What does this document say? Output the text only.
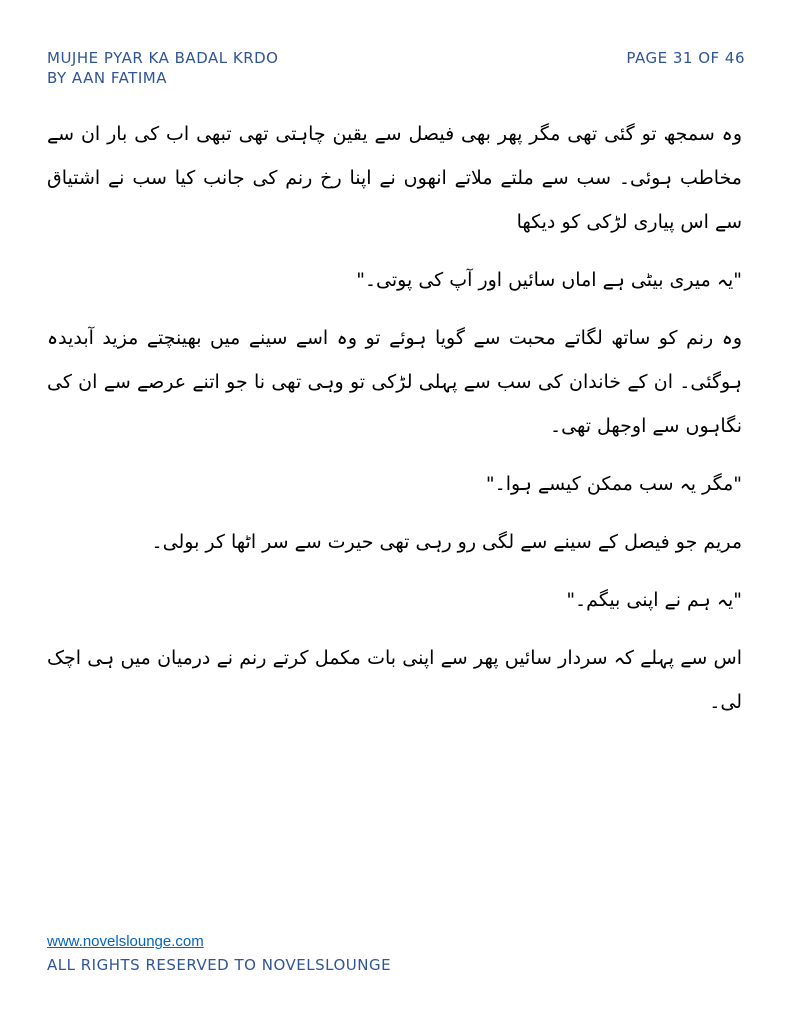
MUJHE PYAR KA BADAL KRDO
BY AAN FATIMA
PAGE 31 OF 46

وہ سمجھ تو گئی تھی مگر پھر بھی فیصل سے یقین چاہتی تھی تبھی اب کی بار ان سے مخاطب ہوئی۔ سب سے ملتے ملاتے انھوں نے اپنا رخ رنم کی جانب کیا سب نے اشتیاق سے اس پیاری لڑکی کو دیکھا

"یہ میری بیٹی ہے اماں سائیں اور آپ کی پوتی۔"

وہ رنم کو ساتھ لگاتے محبت سے گویا ہوئے تو وہ اسے سینے میں بھینچتے مزید آبدیدہ ہوگئی۔ ان کے خاندان کی سب سے پہلی لڑکی تو وہی تھی نا جو اتنے عرصے سے ان کی نگاہوں سے اوجھل تھی۔

"مگر یہ سب ممکن کیسے ہوا۔"

مریم جو فیصل کے سینے سے لگی رو رہی تھی حیرت سے سر اٹھا کر بولی۔

"یہ ہم نے اپنی بیگم۔"

اس سے پہلے کہ سردار سائیں پھر سے اپنی بات مکمل کرتے رنم نے درمیان میں ہی اچک لی۔

www.novelslounge.com
ALL RIGHTS RESERVED TO NOVELSLOUNGE
